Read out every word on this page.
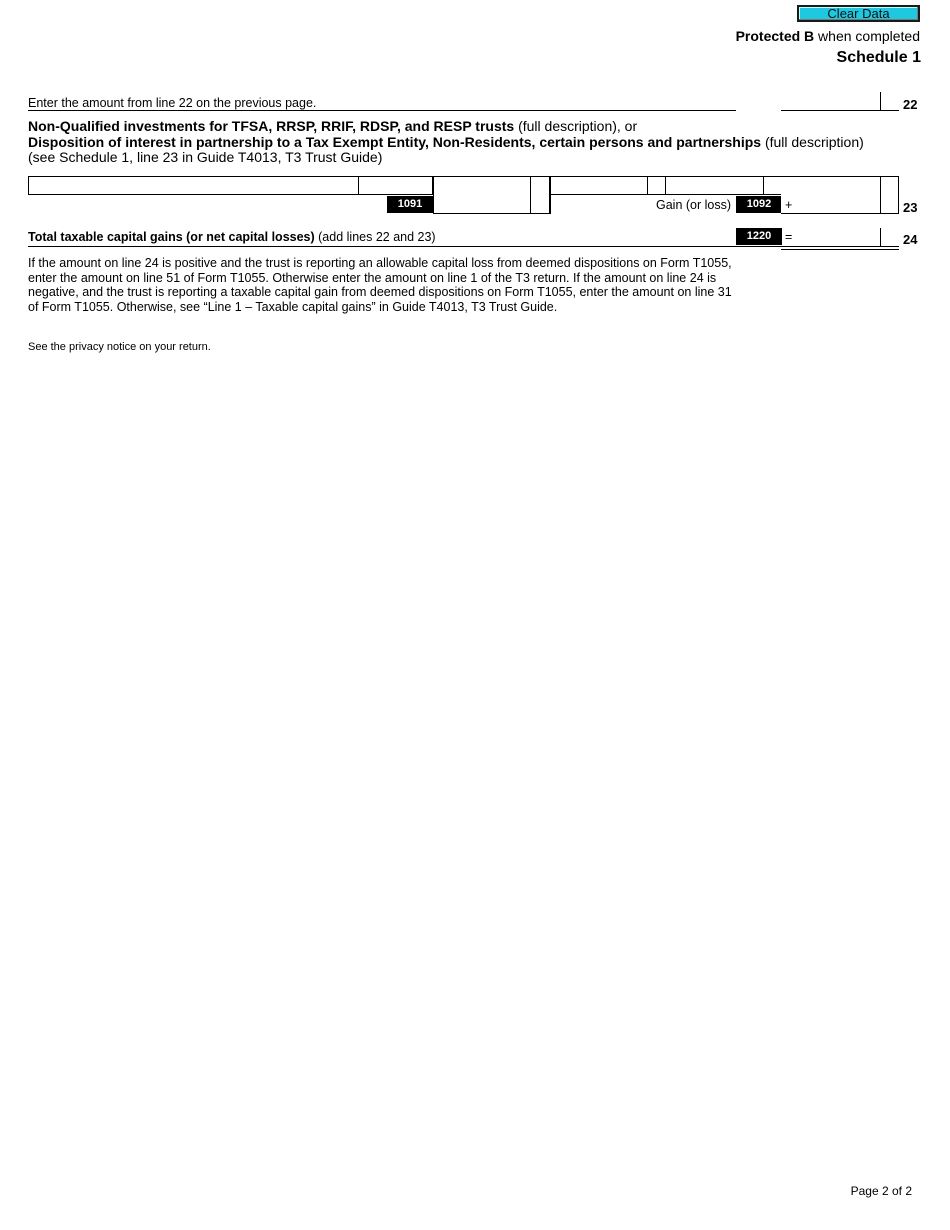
Clear Data
Protected B when completed
Schedule 1
Enter the amount from line 22 on the previous page.	22
Non-Qualified investments for TFSA, RRSP, RRIF, RDSP, and RESP trusts (full description), or
Disposition of interest in partnership to a Tax Exempt Entity, Non-Residents, certain persons and partnerships (full description)
(see Schedule 1, line 23 in Guide T4013, T3 Trust Guide)
1091	Gain (or loss)	1092	+	23
Total taxable capital gains (or net capital losses) (add lines 22 and 23)	1220	=	24
If the amount on line 24 is positive and the trust is reporting an allowable capital loss from deemed dispositions on Form T1055, enter the amount on line 51 of Form T1055. Otherwise enter the amount on line 1 of the T3 return. If the amount on line 24 is negative, and the trust is reporting a taxable capital gain from deemed dispositions on Form T1055, enter the amount on line 31 of Form T1055. Otherwise, see “Line 1 – Taxable capital gains” in Guide T4013, T3 Trust Guide.
See the privacy notice on your return.
Page 2 of 2
